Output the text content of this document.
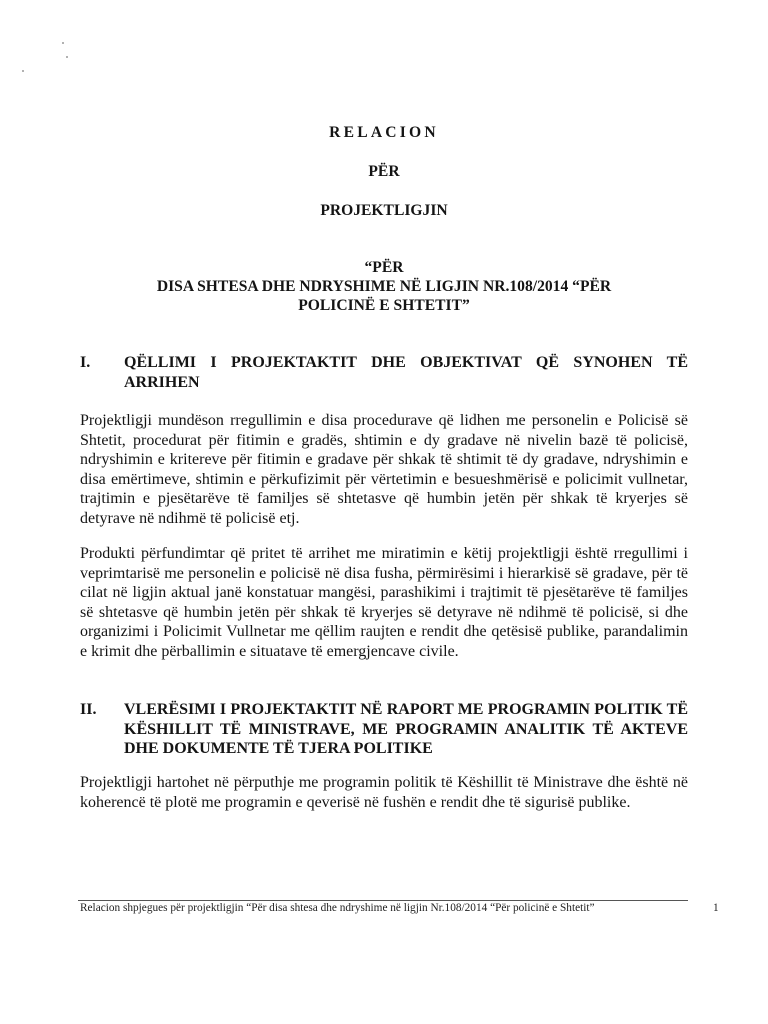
RELACION
PËR
PROJEKTLIGJIN
“PËR
DISA SHTESA DHE NDRYSHIME NË LIGJIN NR.108/2014 “PËR
POLICINË E SHTETIT”
I. QËLLIMI I PROJEKTAKTIT DHE OBJEKTIVAT QË SYNOHEN TË ARRIHEN

Projektligji mundëson rregullimin e disa procedurave që lidhen me personelin e Policisë së Shtetit, procedurat për fitimin e gradës, shtimin e dy gradave në nivelin bazë të policisë, ndryshimin e kritereve për fitimin e gradave për shkak të shtimit të dy gradave, ndryshimin e disa emërtimeve, shtimin e përkufizimit për vërtetimin e besueshmërisë e policimit vullnetar, trajtimin e pjesëtarëve të familjes së shtetasve që humbin jetën për shkak të kryerjes së detyrave në ndihmë të policisë etj.

Produkti përfundimtar që pritet të arrihet me miratimin e këtij projektligji është rregullimi i veprimtarisë me personelin e policisë në disa fusha, përmirësimi i hierarkisë së gradave, për të cilat në ligjin aktual janë konstatuar mangësi, parashikimi i trajtimit të pjesëtarëve të familjes së shtetasve që humbin jetën për shkak të kryerjes së detyrave në ndihmë të policisë, si dhe organizimi i Policimit Vullnetar me qëllim raujten e rendit dhe qetësisë publike, parandalimin e krimit dhe përballimin e situatave të emergjencave civile.

II. VLERËSIMI I PROJEKTAKTIT NË RAPORT ME PROGRAMIN POLITIK TË KËSHILLIT TË MINISTRAVE, ME PROGRAMIN ANALITIK TË AKTEVE DHE DOKUMENTE TË TJERA POLITIKE

Projektligji hartohet në përputhje me programin politik të Këshillit të Ministrave dhe është në koherencë të plotë me programin e qeverisë në fushën e rendit dhe të sigurisë publike.

Relacion shpjegues për projektligjin “Për disa shtesa dhe ndryshime në ligjin Nr.108/2014 “Për policinë e Shtetit”	1
